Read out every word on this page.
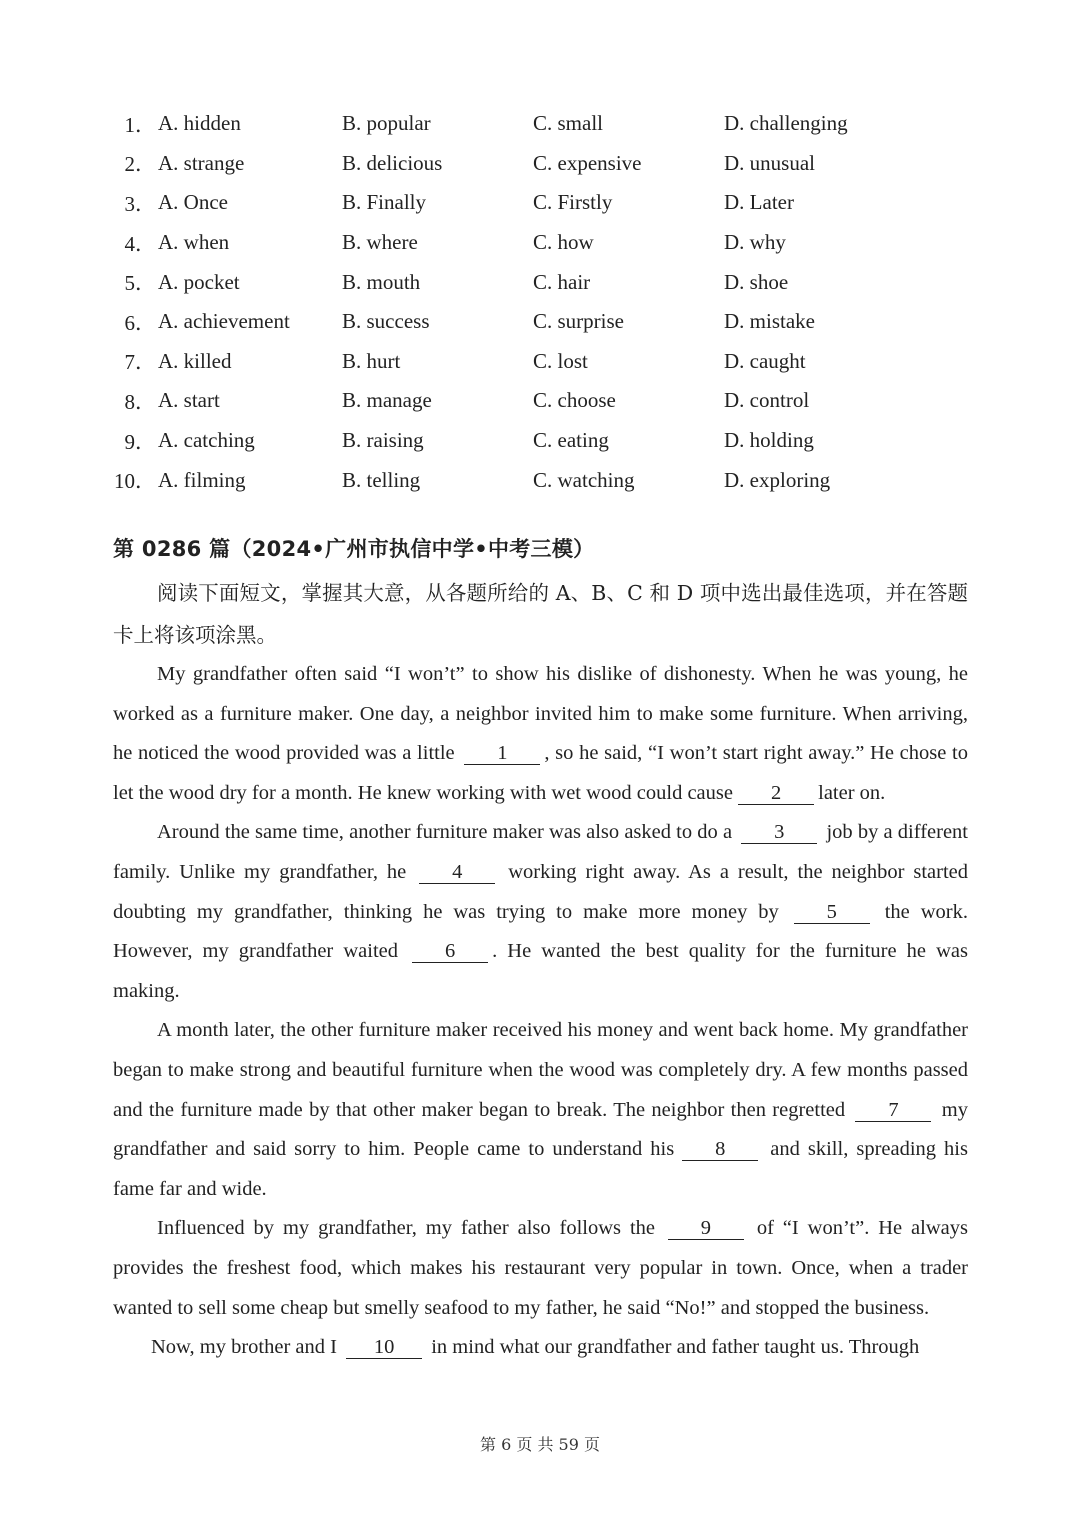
1． A. hidden	B. popular	C. small	D. challenging
2． A. strange	B. delicious	C. expensive	D. unusual
3． A. Once	B. Finally	C. Firstly	D. Later
4． A. when	B. where	C. how	D. why
5． A. pocket	B. mouth	C. hair	D. shoe
6． A. achievement	B. success	C. surprise	D. mistake
7． A. killed	B. hurt	C. lost	D. caught
8． A. start	B. manage	C. choose	D. control
9． A. catching	B. raising	C. eating	D. holding
10． A. filming	B. telling	C. watching	D. exploring
第 0286 篇（2024•广州市执信中学•中考三模）
阅读下面短文，掌握其大意，从各题所给的 A、B、C 和 D 项中选出最佳选项，并在答题卡上将该项涂黑。

My grandfather often said “I won’t” to show his dislike of dishonesty. When he was young, he worked as a furniture maker. One day, a neighbor invited him to make some furniture. When arriving, he noticed the wood provided was a little 1 , so he said, “I won’t start right away.” He chose to let the wood dry for a month. He knew working with wet wood could cause 2 later on.

Around the same time, another furniture maker was also asked to do a 3 job by a different family. Unlike my grandfather, he 4 working right away. As a result, the neighbor started doubting my grandfather, thinking he was trying to make more money by 5 the work. However, my grandfather waited 6 . He wanted the best quality for the furniture he was making.

A month later, the other furniture maker received his money and went back home. My grandfather began to make strong and beautiful furniture when the wood was completely dry. A few months passed and the furniture made by that other maker began to break. The neighbor then regretted 7 my grandfather and said sorry to him. People came to understand his 8 and skill, spreading his fame far and wide.

Influenced by my grandfather, my father also follows the 9 of “I won’t”. He always provides the freshest food, which makes his restaurant very popular in town. Once, when a trader wanted to sell some cheap but smelly seafood to my father, he said “No!” and stopped the business.

Now, my brother and I 10 in mind what our grandfather and father taught us. Through

第 6 页 共 59 页
